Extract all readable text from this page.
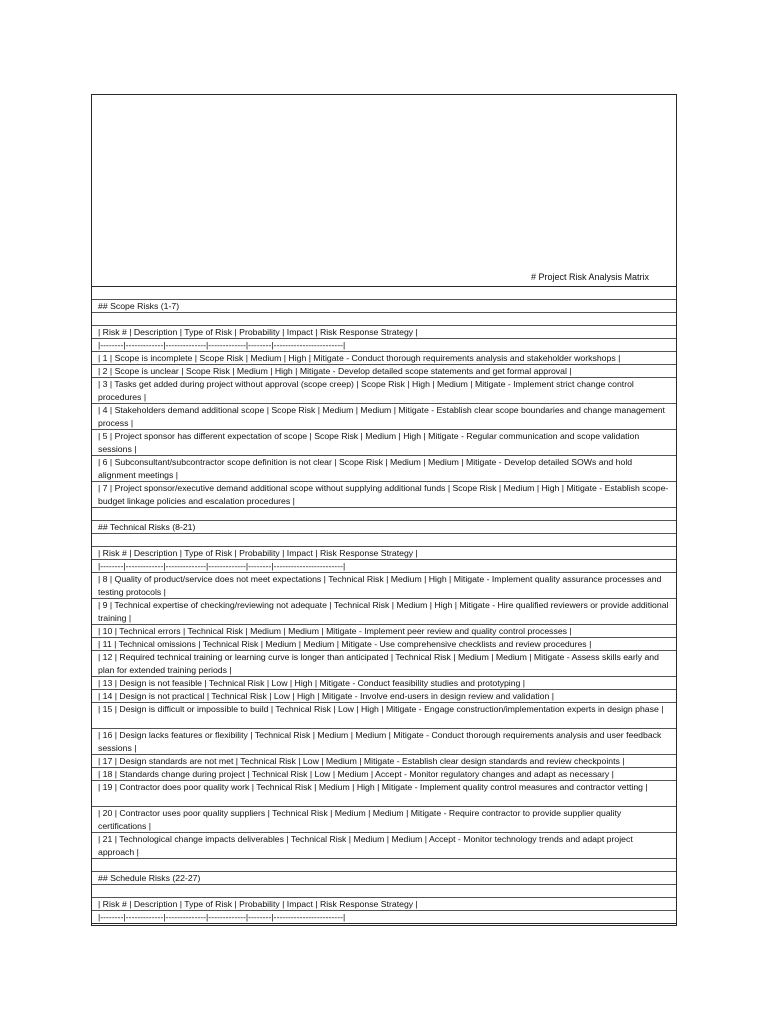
# Project Risk Analysis Matrix
## Scope Risks (1-7)
| Risk # | Description | Type of Risk | Probability | Impact | Risk Response Strategy |
|--------|-------------|--------------|-------------|--------|------------------------|
| 1 | Scope is incomplete | Scope Risk | Medium | High | Mitigate - Conduct thorough requirements analysis and stakeholder workshops |
| 2 | Scope is unclear | Scope Risk | Medium | High | Mitigate - Develop detailed scope statements and get formal approval |
| 3 | Tasks get added during project without approval (scope creep) | Scope Risk | High | Medium | Mitigate - Implement strict change control procedures |
| 4 | Stakeholders demand additional scope | Scope Risk | Medium | Medium | Mitigate - Establish clear scope boundaries and change management process |
| 5 | Project sponsor has different expectation of scope | Scope Risk | Medium | High | Mitigate - Regular communication and scope validation sessions |
| 6 | Subconsultant/subcontractor scope definition is not clear | Scope Risk | Medium | Medium | Mitigate - Develop detailed SOWs and hold alignment meetings |
| 7 | Project sponsor/executive demand additional scope without supplying additional funds | Scope Risk | Medium | High | Mitigate - Establish scope-budget linkage policies and escalation procedures |
## Technical Risks (8-21)
| Risk # | Description | Type of Risk | Probability | Impact | Risk Response Strategy |
|--------|-------------|--------------|-------------|--------|------------------------|
| 8 | Quality of product/service does not meet expectations | Technical Risk | Medium | High | Mitigate - Implement quality assurance processes and testing protocols |
| 9 | Technical expertise of checking/reviewing not adequate | Technical Risk | Medium | High | Mitigate - Hire qualified reviewers or provide additional training |
| 10 | Technical errors | Technical Risk | Medium | Medium | Mitigate - Implement peer review and quality control processes |
| 11 | Technical omissions | Technical Risk | Medium | Medium | Mitigate - Use comprehensive checklists and review procedures |
| 12 | Required technical training or learning curve is longer than anticipated | Technical Risk | Medium | Medium | Mitigate - Assess skills early and plan for extended training periods |
| 13 | Design is not feasible | Technical Risk | Low | High | Mitigate - Conduct feasibility studies and prototyping |
| 14 | Design is not practical | Technical Risk | Low | High | Mitigate - Involve end-users in design review and validation |
| 15 | Design is difficult or impossible to build | Technical Risk | Low | High | Mitigate - Engage construction/implementation experts in design phase |
| 16 | Design lacks features or flexibility | Technical Risk | Medium | Medium | Mitigate - Conduct thorough requirements analysis and user feedback sessions |
| 17 | Design standards are not met | Technical Risk | Low | Medium | Mitigate - Establish clear design standards and review checkpoints |
| 18 | Standards change during project | Technical Risk | Low | Medium | Accept - Monitor regulatory changes and adapt as necessary |
| 19 | Contractor does poor quality work | Technical Risk | Medium | High | Mitigate - Implement quality control measures and contractor vetting |
| 20 | Contractor uses poor quality suppliers | Technical Risk | Medium | Medium | Mitigate - Require contractor to provide supplier quality certifications |
| 21 | Technological change impacts deliverables | Technical Risk | Medium | Medium | Accept - Monitor technology trends and adapt project approach |
## Schedule Risks (22-27)
| Risk # | Description | Type of Risk | Probability | Impact | Risk Response Strategy |
|--------|-------------|--------------|-------------|--------|------------------------|
